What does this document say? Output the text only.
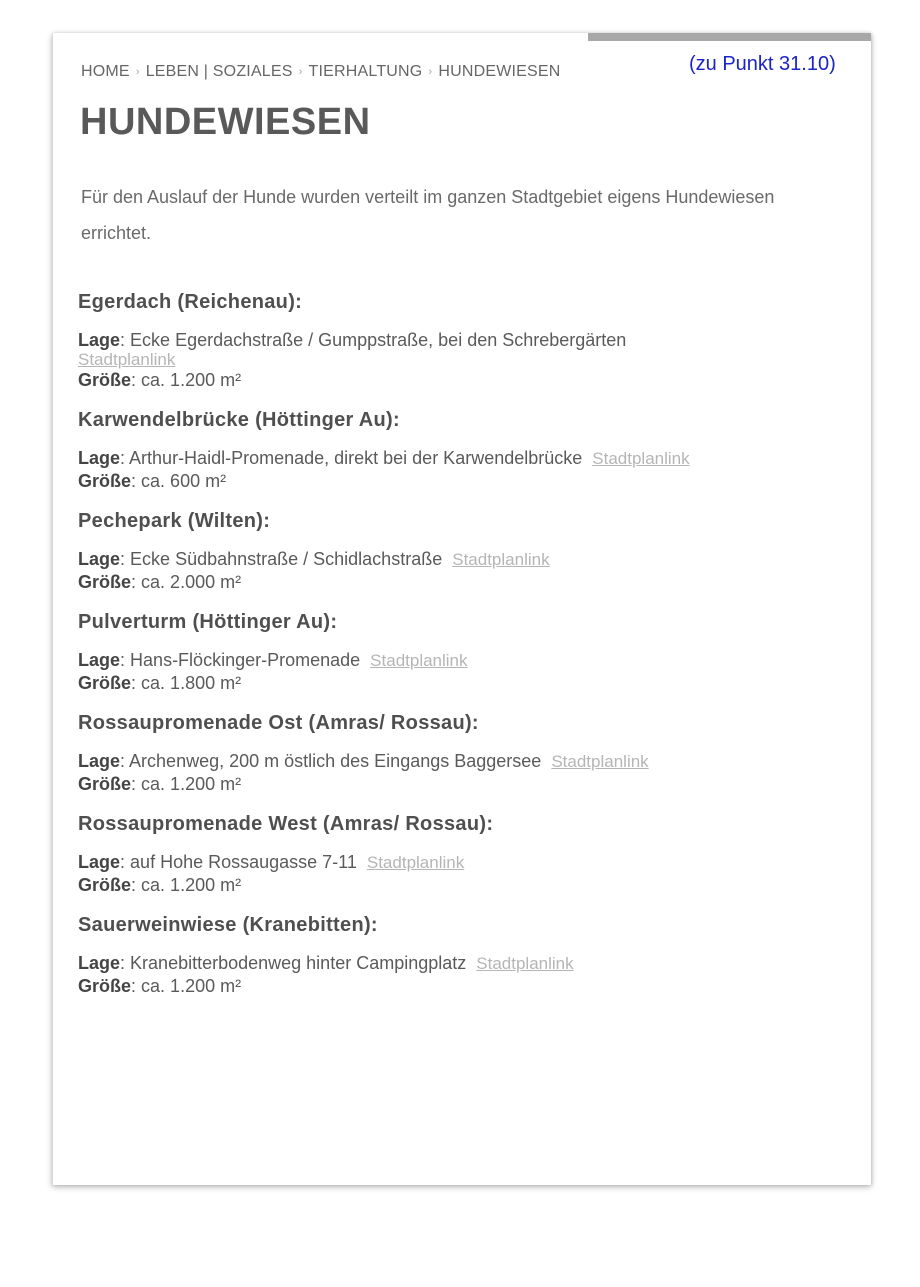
(zu Punkt 31.10)
HOME › LEBEN | SOZIALES › TIERHALTUNG › HUNDEWIESEN
HUNDEWIESEN

Für den Auslauf der Hunde wurden verteilt im ganzen Stadtgebiet eigens Hundewiesen errichtet.

Egerdach (Reichenau):
Lage: Ecke Egerdachstraße / Gumppstraße, bei den Schrebergärten
Stadtplanlink
Größe: ca. 1.200 m²
Karwendelbrücke (Höttinger Au):
Lage: Arthur-Haidl-Promenade, direkt bei der Karwendelbrücke Stadtplanlink
Größe: ca. 600 m²
Pechepark (Wilten):
Lage: Ecke Südbahnstraße / Schidlachstraße Stadtplanlink
Größe: ca. 2.000 m²
Pulverturm (Höttinger Au):
Lage: Hans-Flöckinger-Promenade Stadtplanlink
Größe: ca. 1.800 m²
Rossaupromenade Ost (Amras/ Rossau):
Lage: Archenweg, 200 m östlich des Eingangs Baggersee Stadtplanlink
Größe: ca. 1.200 m²
Rossaupromenade West (Amras/ Rossau):
Lage: auf Hohe Rossaugasse 7-11 Stadtplanlink
Größe: ca. 1.200 m²
Sauerweinwiese (Kranebitten):
Lage: Kranebitterbodenweg hinter Campingplatz Stadtplanlink
Größe: ca. 1.200 m²
